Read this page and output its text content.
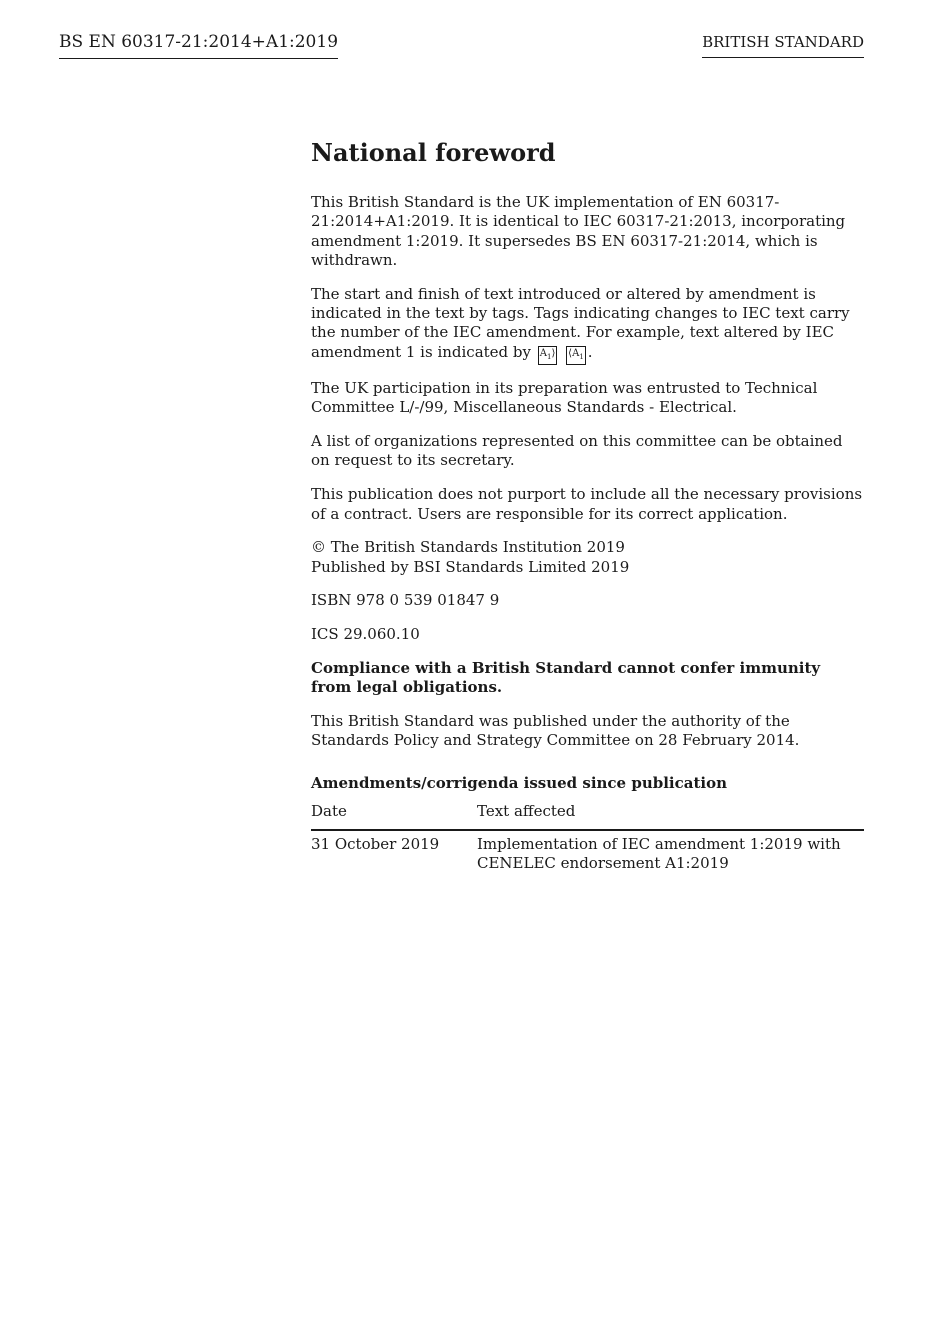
BS EN 60317-21:2014+A1:2019	BRITISH STANDARD
National foreword

This British Standard is the UK implementation of EN 60317-21:2014+A1:2019. It is identical to IEC 60317-21:2013, incorporating amendment 1:2019. It supersedes BS EN 60317-21:2014, which is withdrawn.

The start and finish of text introduced or altered by amendment is indicated in the text by tags. Tags indicating changes to IEC text carry the number of the IEC amendment. For example, text altered by IEC amendment 1 is indicated by $A_1⟩$ $⟨A_1$ .

The UK participation in its preparation was entrusted to Technical Committee L/-/99, Miscellaneous Standards - Electrical.

A list of organizations represented on this committee can be obtained on request to its secretary.

This publication does not purport to include all the necessary provisions of a contract. Users are responsible for its correct application.

© The British Standards Institution 2019
Published by BSI Standards Limited 2019

ISBN 978 0 539 01847 9

ICS 29.060.10

Compliance with a British Standard cannot confer immunity from legal obligations.

This British Standard was published under the authority of the Standards Policy and Strategy Committee on 28 February 2014.

Amendments/corrigenda issued since publication
Date	Text affected
31 October 2019	Implementation of IEC amendment 1:2019 with CENELEC endorsement A1:2019
